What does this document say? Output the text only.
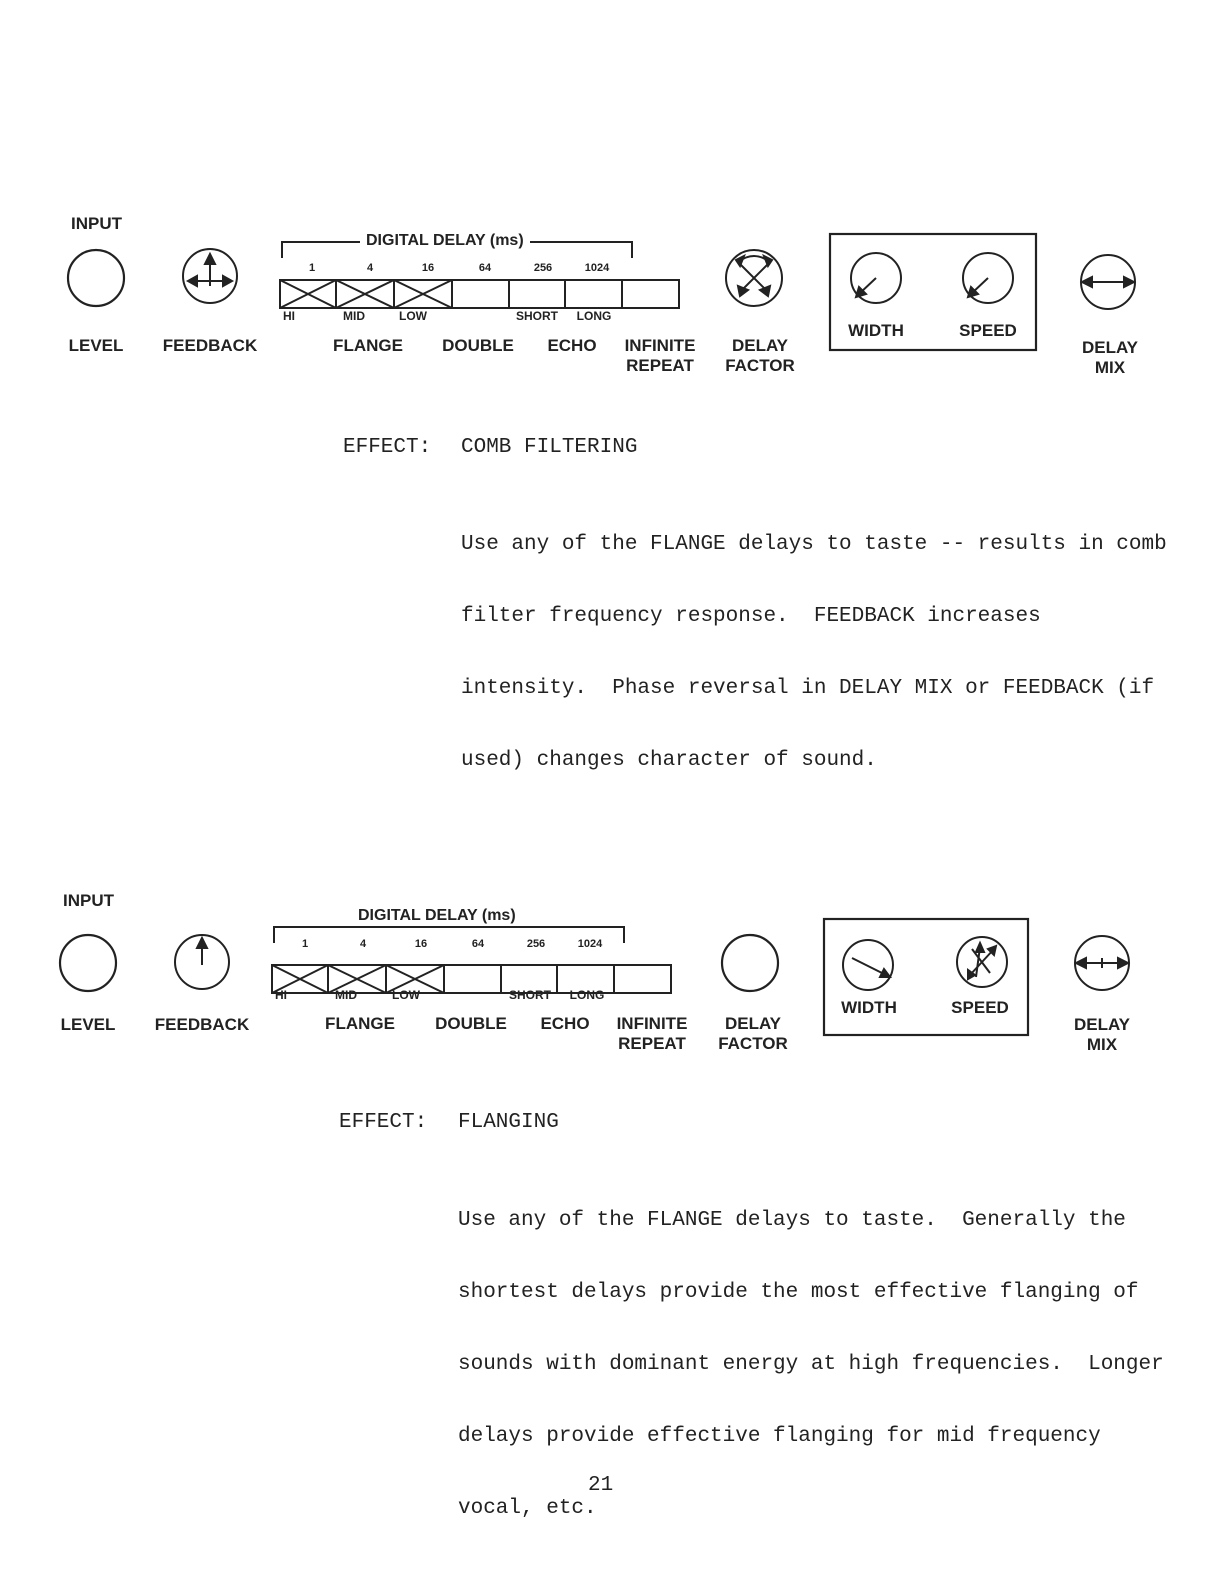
INPUT
DIGITAL DELAY (ms)
1	4	16	64	256	1024
HI	MID	LOW	SHORT LONG
LEVEL FEEDBACK	FLANGE DOUBLE ECHO INFINITE
REPEAT
DELAY
FACTOR
WIDTH	SPEED
DELAY
MIX
EFFECT: COMB FILTERING

Use any of the FLANGE delays to taste -- results in comb

filter frequency response.  FEEDBACK increases

intensity.  Phase reversal in DELAY MIX or FEEDBACK (if

used) changes character of sound.

INPUT
DIGITAL DELAY (ms)
1	4	16	64	256	1024
HI	MID	LOW	SHORT LONG
LEVEL FEEDBACK	FLANGE DOUBLE ECHO INFINITE
REPEAT
DELAY
FACTOR
WIDTH	SPEED
DELAY
MIX
EFFECT: FLANGING

Use any of the FLANGE delays to taste.  Generally the

shortest delays provide the most effective flanging of

sounds with dominant energy at high frequencies.  Longer

delays provide effective flanging for mid frequency

vocal, etc.

21
